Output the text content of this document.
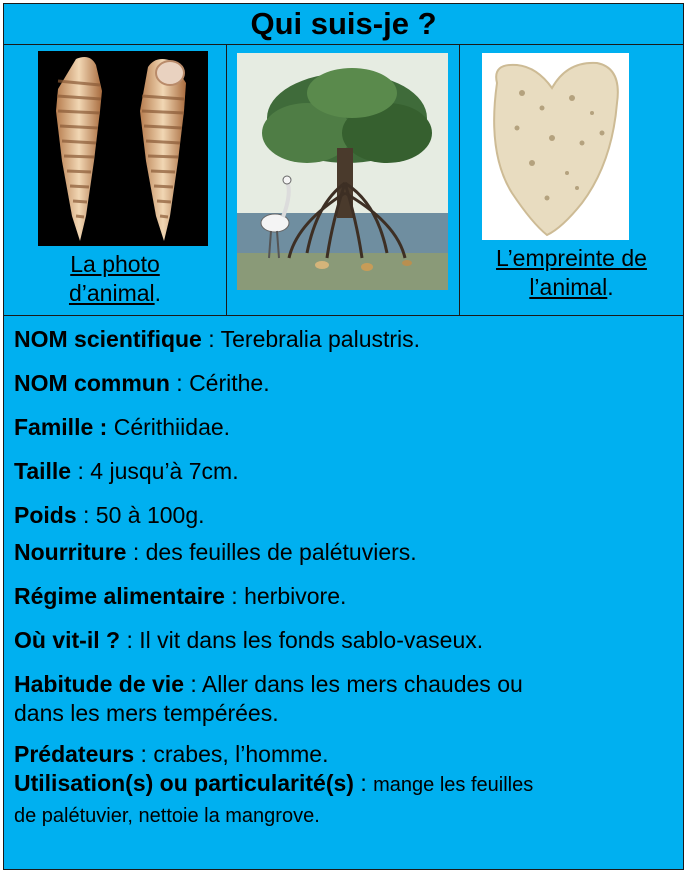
Qui suis-je ?
La photo
d’animal.
L’empreinte de
l’animal.
NOM scientifique : Terebralia palustris.
NOM commun : Cérithe.
Famille : Cérithiidae.
Taille : 4 jusqu’à 7cm.
Poids : 50 à 100g.
Nourriture : des feuilles de palétuviers.
Régime alimentaire : herbivore.
Où vit-il ? : Il vit dans les fonds sablo-vaseux.
Habitude de vie : Aller dans les mers chaudes ou
dans les mers tempérées.
Prédateurs : crabes, l’homme.
Utilisation(s) ou particularité(s) : mange les feuilles
de palétuvier, nettoie la mangrove.
